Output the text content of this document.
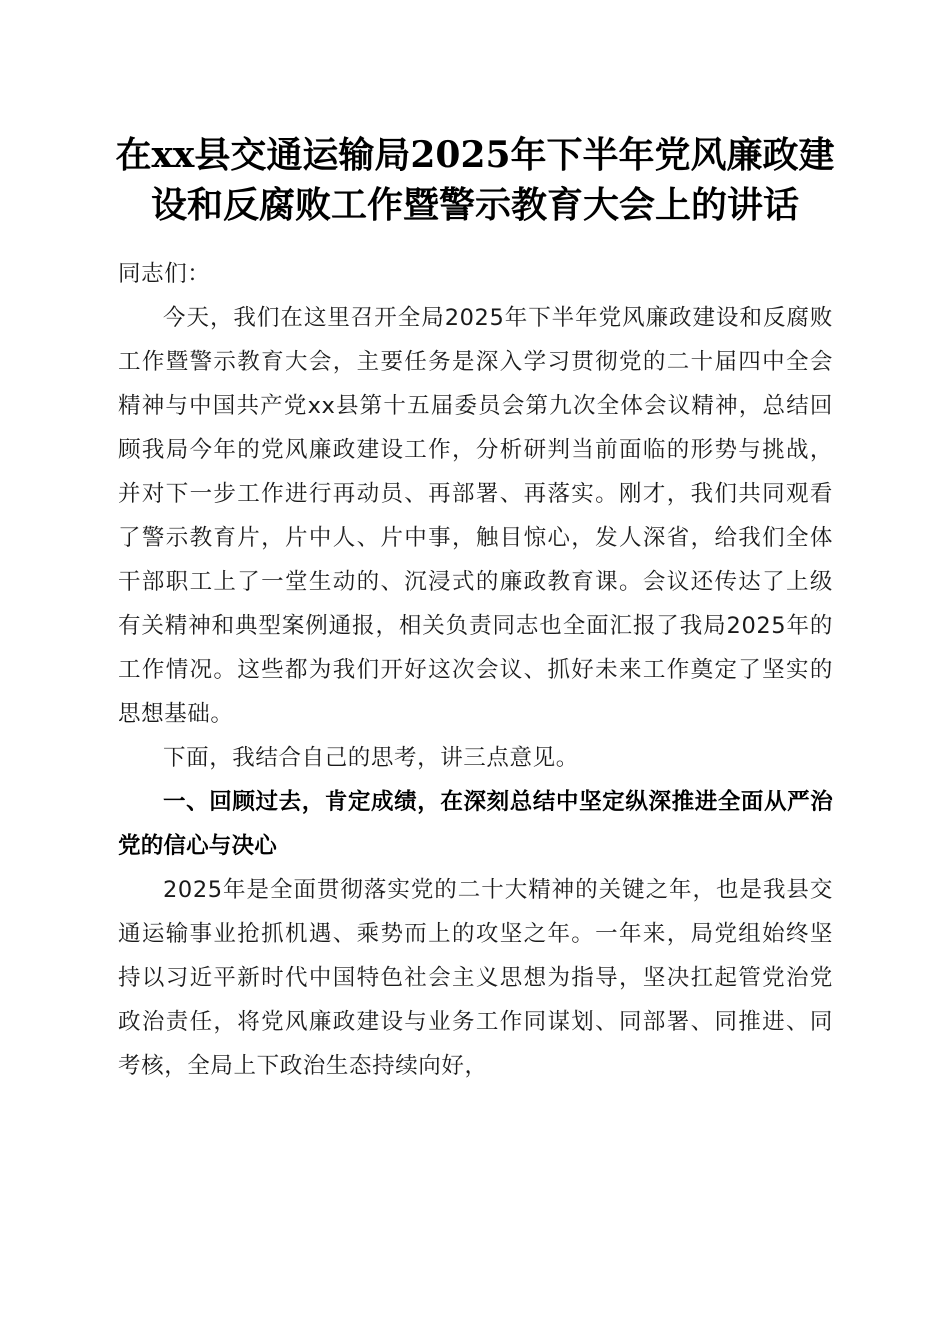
在xx县交通运输局2025年下半年党风廉政建
设和反腐败工作暨警示教育大会上的讲话

同志们：

今天，我们在这里召开全局2025年下半年党风廉政建设和反腐败工作暨警示教育大会，主要任务是深入学习贯彻党的二十届四中全会精神与中国共产党xx县第十五届委员会第九次全体会议精神，总结回顾我局今年的党风廉政建设工作，分析研判当前面临的形势与挑战，并对下一步工作进行再动员、再部署、再落实。刚才，我们共同观看了警示教育片，片中人、片中事，触目惊心，发人深省，给我们全体干部职工上了一堂生动的、沉浸式的廉政教育课。会议还传达了上级有关精神和典型案例通报，相关负责同志也全面汇报了我局2025年的工作情况。这些都为我们开好这次会议、抓好未来工作奠定了坚实的思想基础。

下面，我结合自己的思考，讲三点意见。

一、回顾过去，肯定成绩，在深刻总结中坚定纵深推进全面从严治党的信心与决心

2025年是全面贯彻落实党的二十大精神的关键之年，也是我县交通运输事业抢抓机遇、乘势而上的攻坚之年。一年来，局党组始终坚持以习近平新时代中国特色社会主义思想为指导，坚决扛起管党治党政治责任，将党风廉政建设与业务工作同谋划、同部署、同推进、同考核，全局上下政治生态持续向好，
